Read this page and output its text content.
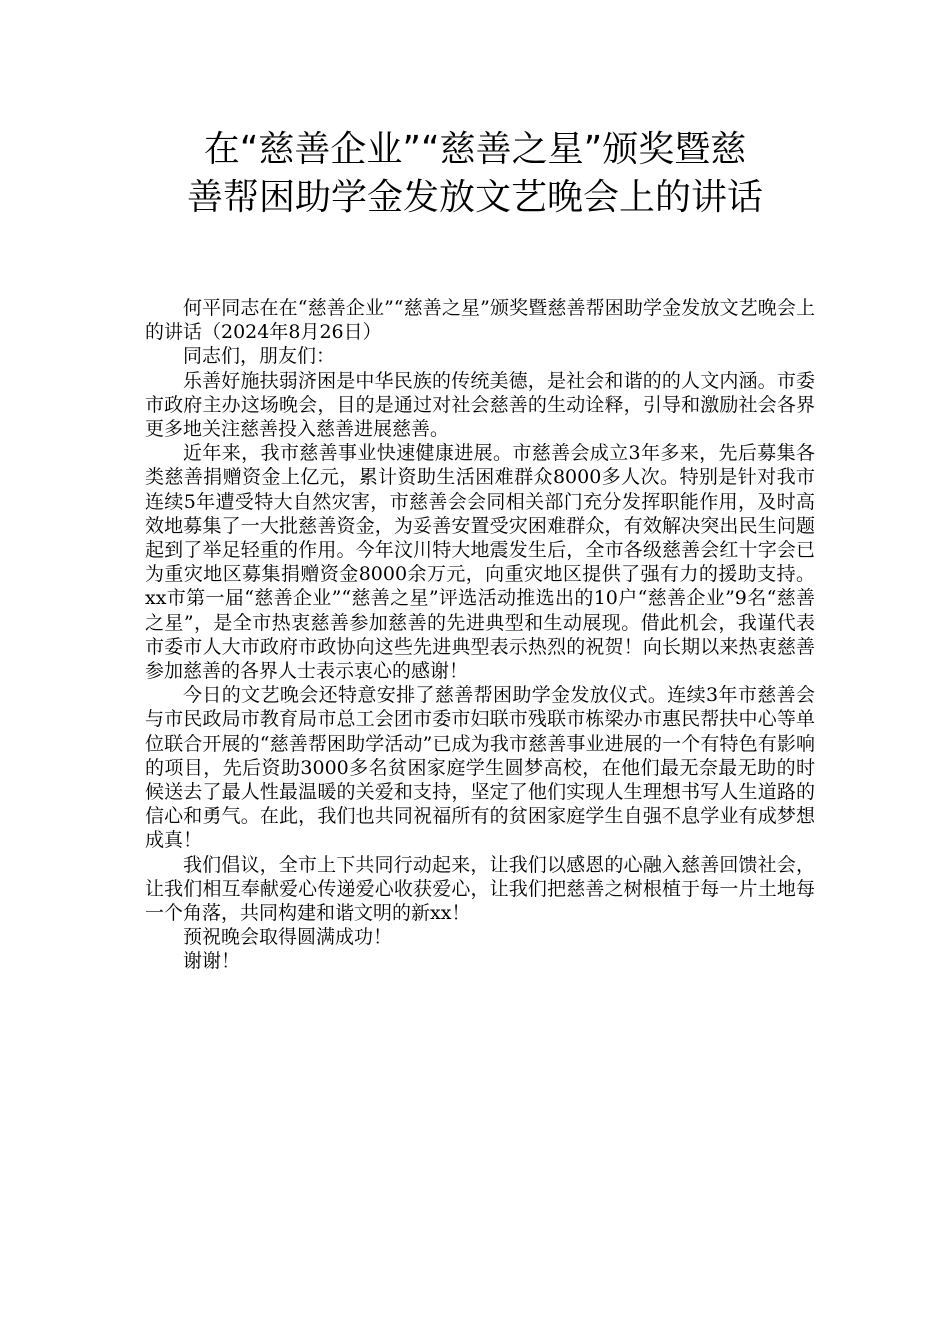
在“慈善企业”“慈善之星”颁奖暨慈
善帮困助学金发放文艺晚会上的讲话

何平同志在在“慈善企业”“慈善之星”颁奖暨慈善帮困助学金发放文艺晚会上的讲话（2024年8月26日）

同志们，朋友们：

乐善好施扶弱济困是中华民族的传统美德，是社会和谐的的人文内涵。市委市政府主办这场晚会，目的是通过对社会慈善的生动诠释，引导和激励社会各界更多地关注慈善投入慈善进展慈善。

近年来，我市慈善事业快速健康进展。市慈善会成立3年多来，先后募集各类慈善捐赠资金上亿元，累计资助生活困难群众8000多人次。特别是针对我市连续5年遭受特大自然灾害，市慈善会会同相关部门充分发挥职能作用，及时高效地募集了一大批慈善资金，为妥善安置受灾困难群众，有效解决突出民生问题起到了举足轻重的作用。今年汶川特大地震发生后，全市各级慈善会红十字会已为重灾地区募集捐赠资金8000余万元，向重灾地区提供了强有力的援助支持。xx市第一届“慈善企业”“慈善之星”评选活动推选出的10户“慈善企业”9名“慈善之星”，是全市热衷慈善参加慈善的先进典型和生动展现。借此机会，我谨代表市委市人大市政府市政协向这些先进典型表示热烈的祝贺！向长期以来热衷慈善参加慈善的各界人士表示衷心的感谢！

今日的文艺晚会还特意安排了慈善帮困助学金发放仪式。连续3年市慈善会与市民政局市教育局市总工会团市委市妇联市残联市栋梁办市惠民帮扶中心等单位联合开展的“慈善帮困助学活动”已成为我市慈善事业进展的一个有特色有影响的项目，先后资助3000多名贫困家庭学生圆梦高校，在他们最无奈最无助的时候送去了最人性最温暖的关爱和支持，坚定了他们实现人生理想书写人生道路的信心和勇气。在此，我们也共同祝福所有的贫困家庭学生自强不息学业有成梦想成真！

我们倡议，全市上下共同行动起来，让我们以感恩的心融入慈善回馈社会，让我们相互奉献爱心传递爱心收获爱心，让我们把慈善之树根植于每一片土地每一个角落，共同构建和谐文明的新xx！

预祝晚会取得圆满成功！

谢谢！
